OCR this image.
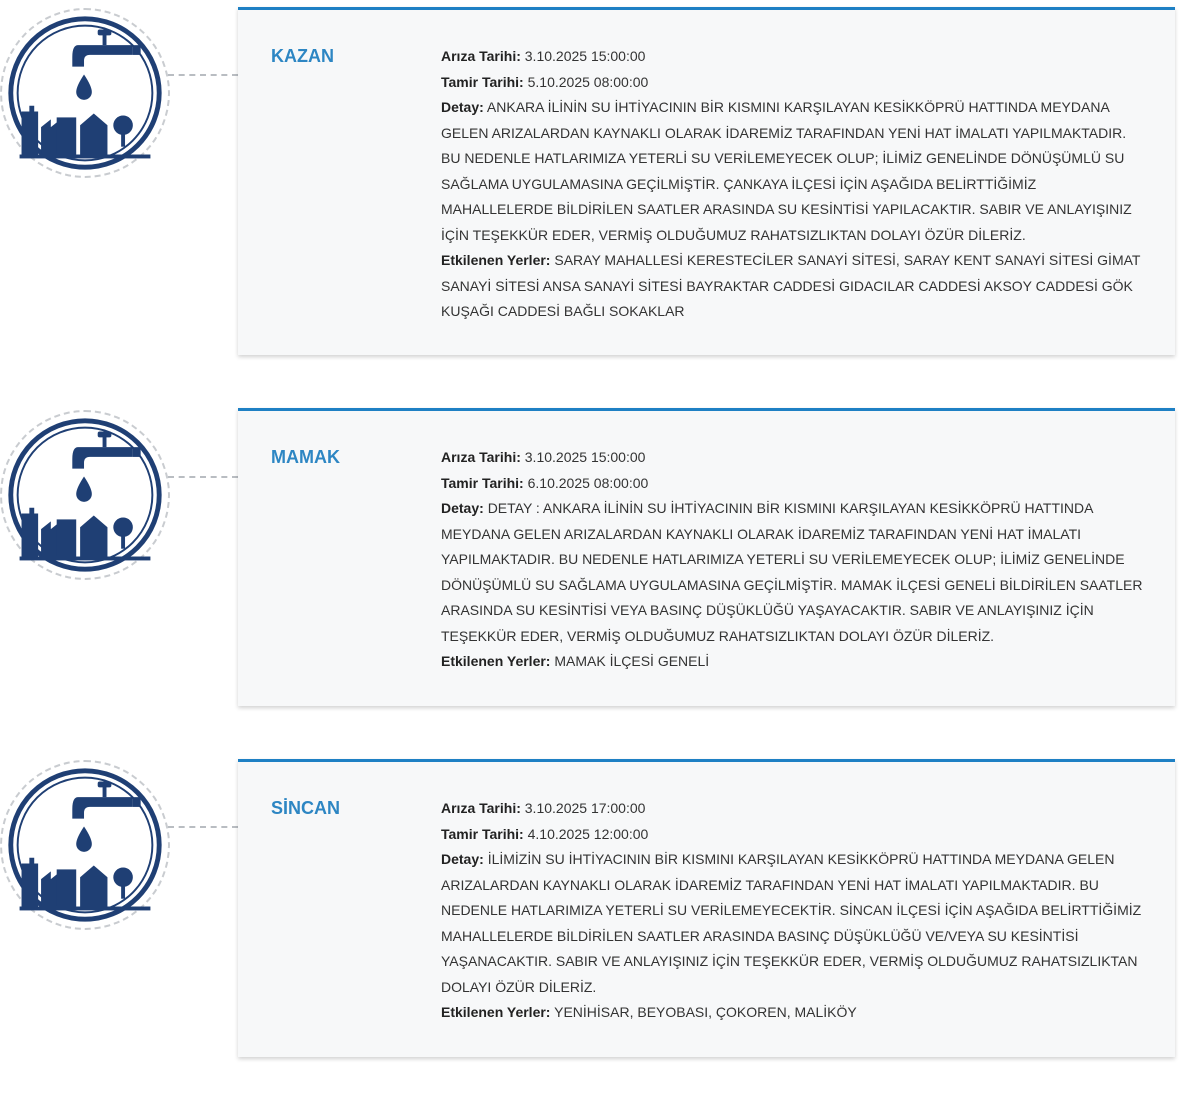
KAZAN	Arıza Tarihi: 3.10.2025 15:00:00

Tamir Tarihi: 5.10.2025 08:00:00

Detay: ANKARA İLİNİN SU İHTİYACININ BİR KISMINI KARŞILAYAN KESİKKÖPRÜ HATTINDA MEYDANA GELEN ARIZALARDAN KAYNAKLI OLARAK İDAREMİZ TARAFINDAN YENİ HAT İMALATI YAPILMAKTADIR. BU NEDENLE HATLARIMIZA YETERLİ SU VERİLEMEYECEK OLUP; İLİMİZ GENELİNDE DÖNÜŞÜMLÜ SU SAĞLAMA UYGULAMASINA GEÇİLMİŞTİR. ÇANKAYA İLÇESİ İÇİN AŞAĞIDA BELİRTTİĞİMİZ MAHALLELERDE BİLDİRİLEN SAATLER ARASINDA SU KESİNTİSİ YAPILACAKTIR. SABIR VE ANLAYIŞINIZ İÇİN TEŞEKKÜR EDER, VERMİŞ OLDUĞUMUZ RAHATSIZLIKTAN DOLAYI ÖZÜR DİLERİZ.

Etkilenen Yerler: SARAY MAHALLESİ KERESTECİLER SANAYİ SİTESİ, SARAY KENT SANAYİ SİTESİ GİMAT SANAYİ SİTESİ ANSA SANAYİ SİTESİ BAYRAKTAR CADDESİ GIDACILAR CADDESİ AKSOY CADDESİ GÖK KUŞAĞI CADDESİ BAĞLI SOKAKLAR

MAMAK	Arıza Tarihi: 3.10.2025 15:00:00

Tamir Tarihi: 6.10.2025 08:00:00

Detay: DETAY : ANKARA İLİNİN SU İHTİYACININ BİR KISMINI KARŞILAYAN KESİKKÖPRÜ HATTINDA MEYDANA GELEN ARIZALARDAN KAYNAKLI OLARAK İDAREMİZ TARAFINDAN YENİ HAT İMALATI YAPILMAKTADIR. BU NEDENLE HATLARIMIZA YETERLİ SU VERİLEMEYECEK OLUP; İLİMİZ GENELİNDE DÖNÜŞÜMLÜ SU SAĞLAMA UYGULAMASINA GEÇİLMİŞTİR. MAMAK İLÇESİ GENELİ BİLDİRİLEN SAATLER ARASINDA SU KESİNTİSİ VEYA BASINÇ DÜŞÜKLÜĞÜ YAŞAYACAKTIR. SABIR VE ANLAYIŞINIZ İÇİN TEŞEKKÜR EDER, VERMİŞ OLDUĞUMUZ RAHATSIZLIKTAN DOLAYI ÖZÜR DİLERİZ.

Etkilenen Yerler: MAMAK İLÇESİ GENELİ

SİNCAN	Arıza Tarihi: 3.10.2025 17:00:00

Tamir Tarihi: 4.10.2025 12:00:00

Detay: İLİMİZİN SU İHTİYACININ BİR KISMINI KARŞILAYAN KESİKKÖPRÜ HATTINDA MEYDANA GELEN ARIZALARDAN KAYNAKLI OLARAK İDAREMİZ TARAFINDAN YENİ HAT İMALATI YAPILMAKTADIR. BU NEDENLE HATLARIMIZA YETERLİ SU VERİLEMEYECEKTİR. SİNCAN İLÇESİ İÇİN AŞAĞIDA BELİRTTİĞİMİZ MAHALLELERDE BİLDİRİLEN SAATLER ARASINDA BASINÇ DÜŞÜKLÜĞÜ VE/VEYA SU KESİNTİSİ YAŞANACAKTIR. SABIR VE ANLAYIŞINIZ İÇİN TEŞEKKÜR EDER, VERMİŞ OLDUĞUMUZ RAHATSIZLIKTAN DOLAYI ÖZÜR DİLERİZ.

Etkilenen Yerler: YENİHİSAR, BEYOBASI, ÇOKOREN, MALİKÖY
